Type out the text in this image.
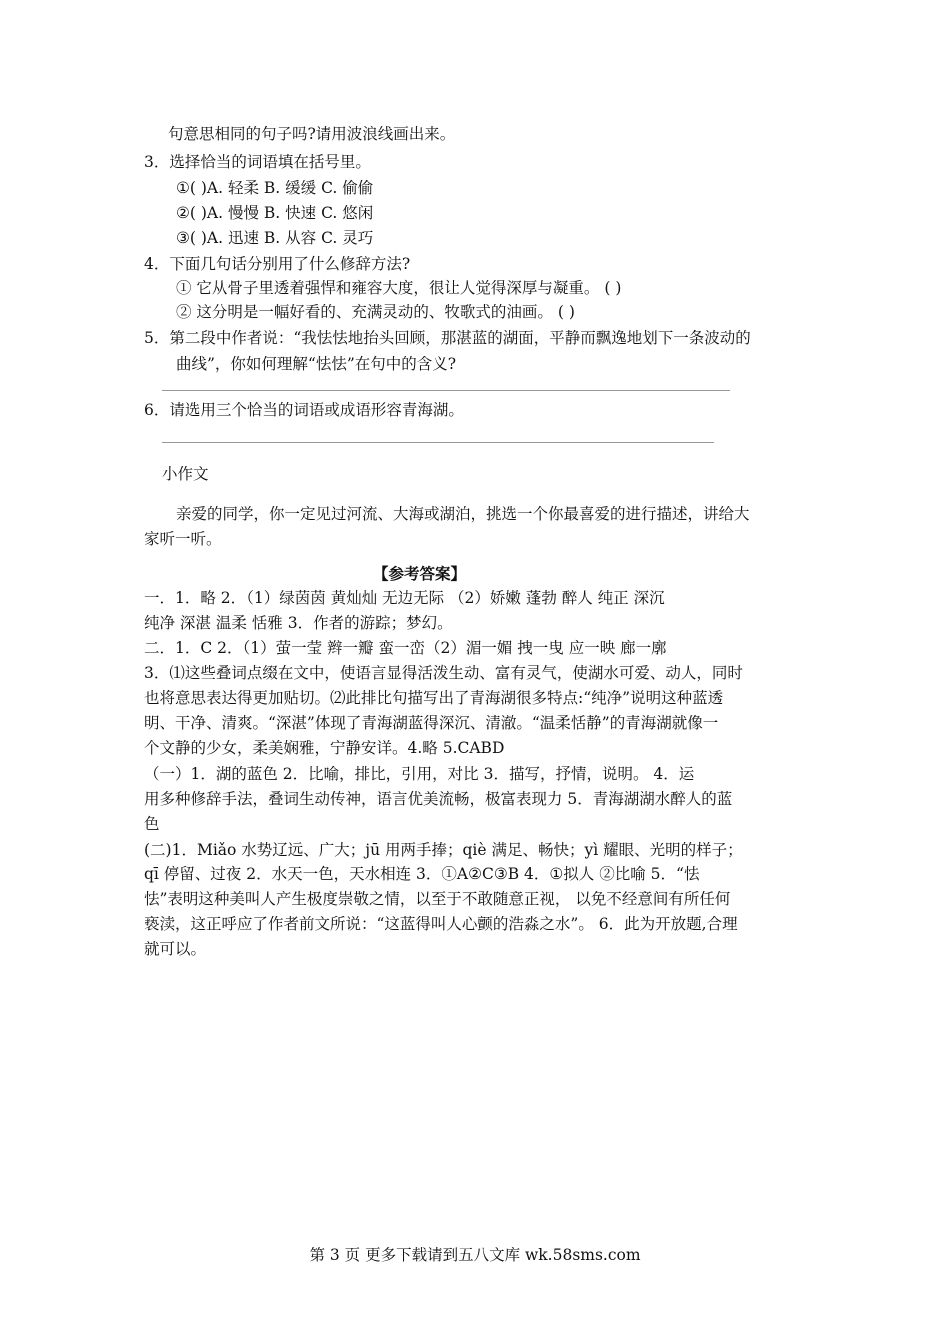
句意思相同的句子吗?请用波浪线画出来。
3．选择恰当的词语填在括号里。
①( )A. 轻柔 B. 缓缓 C. 偷偷
②( )A. 慢慢 B. 快速 C. 悠闲
③( )A. 迅速 B. 从容 C. 灵巧
4．下面几句话分别用了什么修辞方法?
① 它从骨子里透着强悍和雍容大度，很让人觉得深厚与凝重。 ( )
② 这分明是一幅好看的、充满灵动的、牧歌式的油画。 ( )
5．第二段中作者说：“我怯怯地抬头回顾，那湛蓝的湖面，平静而飘逸地划下一条波动的
曲线”，你如何理解“怯怯”在句中的含义?
6．请选用三个恰当的词语或成语形容青海湖。
小作文
亲爱的同学，你一定见过河流、大海或湖泊，挑选一个你最喜爱的进行描述，讲给大
家听一听。
【参考答案】
一．1．略 2．（1）绿茵茵 黄灿灿 无边无际 （2）娇嫩 蓬勃 醉人 纯正 深沉
纯净 深湛 温柔 恬雅 3．作者的游踪；梦幻。
二．1．C 2．（1）萤一莹 辫一瓣 蛮一峦（2）湄一媚 拽一曳 应一映 廊一廓
3．⑴这些叠词点缀在文中，使语言显得活泼生动、富有灵气，使湖水可爱、动人，同时
也将意思表达得更加贴切。⑵此排比句描写出了青海湖很多特点:“纯净”说明这种蓝透
明、干净、清爽。“深湛”体现了青海湖蓝得深沉、清澈。“温柔恬静”的青海湖就像一
个文静的少女，柔美娴雅，宁静安详。4.略 5.CABD
（一）1．湖的蓝色 2．比喻，排比，引用，对比 3．描写，抒情，说明。 4．运
用多种修辞手法，叠词生动传神，语言优美流畅，极富表现力 5．青海湖湖水醉人的蓝
色
(二)1．Miǎo 水势辽远、广大；jū 用两手捧；qiè 满足、畅快；yì 耀眼、光明的样子；
qī 停留、过夜 2．水天一色，天水相连 3．①A②C③B 4．①拟人 ②比喻 5．“怯
怯”表明这种美叫人产生极度崇敬之情，以至于不敢随意正视， 以免不经意间有所任何
亵渎，这正呼应了作者前文所说：“这蓝得叫人心颤的浩淼之水”。 6．此为开放题,合理
就可以。
第 3 页 更多下载请到五八文库 wk.58sms.com
